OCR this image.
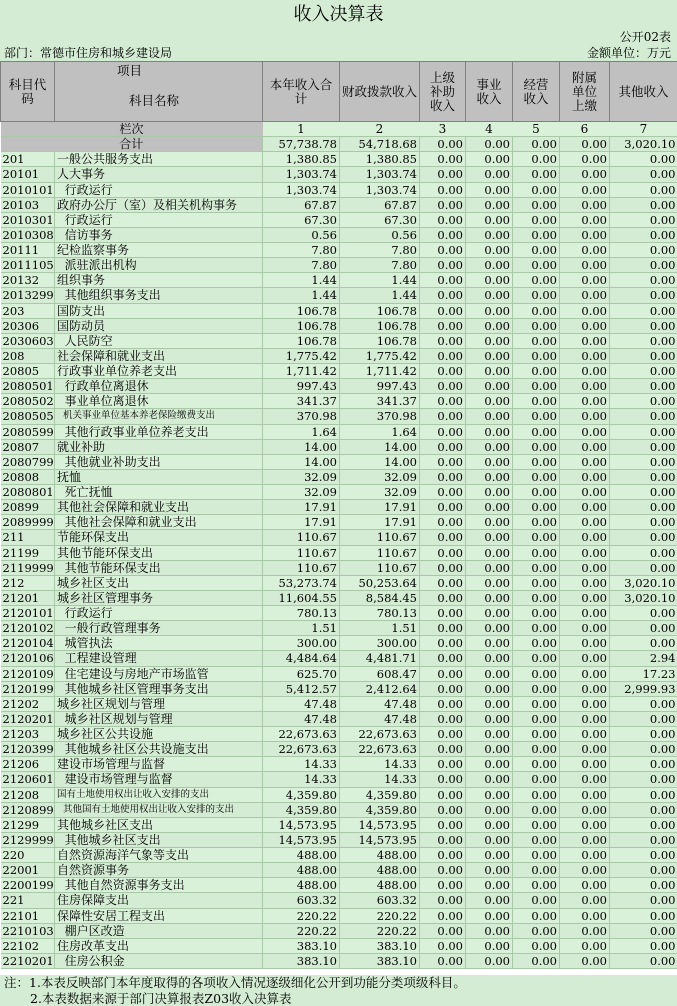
收入决算表
公开02表
部门：常德市住房和城乡建设局	金额单位：万元
科目代码	项目
科目名称	本年收入合计	财政拨款收入	上级补助收入	事业收入	经营收入	附属单位上缴	其他收入
栏次		1	2	3	4	5	6	7
合计		57,738.78	54,718.68	0.00	0.00	0.00	0.00	3,020.10
201	一般公共服务支出	1,380.85	1,380.85	0.00	0.00	0.00	0.00	0.00
20101	人大事务	1,303.74	1,303.74	0.00	0.00	0.00	0.00	0.00
2010101	行政运行	1,303.74	1,303.74	0.00	0.00	0.00	0.00	0.00
20103	政府办公厅（室）及相关机构事务	67.87	67.87	0.00	0.00	0.00	0.00	0.00
2010301	行政运行	67.30	67.30	0.00	0.00	0.00	0.00	0.00
2010308	信访事务	0.56	0.56	0.00	0.00	0.00	0.00	0.00
20111	纪检监察事务	7.80	7.80	0.00	0.00	0.00	0.00	0.00
2011105	派驻派出机构	7.80	7.80	0.00	0.00	0.00	0.00	0.00
20132	组织事务	1.44	1.44	0.00	0.00	0.00	0.00	0.00
2013299	其他组织事务支出	1.44	1.44	0.00	0.00	0.00	0.00	0.00
203	国防支出	106.78	106.78	0.00	0.00	0.00	0.00	0.00
20306	国防动员	106.78	106.78	0.00	0.00	0.00	0.00	0.00
2030603	人民防空	106.78	106.78	0.00	0.00	0.00	0.00	0.00
208	社会保障和就业支出	1,775.42	1,775.42	0.00	0.00	0.00	0.00	0.00
20805	行政事业单位养老支出	1,711.42	1,711.42	0.00	0.00	0.00	0.00	0.00
2080501	行政单位离退休	997.43	997.43	0.00	0.00	0.00	0.00	0.00
2080502	事业单位离退休	341.37	341.37	0.00	0.00	0.00	0.00	0.00
2080505	机关事业单位基本养老保险缴费支出	370.98	370.98	0.00	0.00	0.00	0.00	0.00
2080599	其他行政事业单位养老支出	1.64	1.64	0.00	0.00	0.00	0.00	0.00
20807	就业补助	14.00	14.00	0.00	0.00	0.00	0.00	0.00
2080799	其他就业补助支出	14.00	14.00	0.00	0.00	0.00	0.00	0.00
20808	抚恤	32.09	32.09	0.00	0.00	0.00	0.00	0.00
2080801	死亡抚恤	32.09	32.09	0.00	0.00	0.00	0.00	0.00
20899	其他社会保障和就业支出	17.91	17.91	0.00	0.00	0.00	0.00	0.00
2089999	其他社会保障和就业支出	17.91	17.91	0.00	0.00	0.00	0.00	0.00
211	节能环保支出	110.67	110.67	0.00	0.00	0.00	0.00	0.00
21199	其他节能环保支出	110.67	110.67	0.00	0.00	0.00	0.00	0.00
2119999	其他节能环保支出	110.67	110.67	0.00	0.00	0.00	0.00	0.00
212	城乡社区支出	53,273.74	50,253.64	0.00	0.00	0.00	0.00	3,020.10
21201	城乡社区管理事务	11,604.55	8,584.45	0.00	0.00	0.00	0.00	3,020.10
2120101	行政运行	780.13	780.13	0.00	0.00	0.00	0.00	0.00
2120102	一般行政管理事务	1.51	1.51	0.00	0.00	0.00	0.00	0.00
2120104	城管执法	300.00	300.00	0.00	0.00	0.00	0.00	0.00
2120106	工程建设管理	4,484.64	4,481.71	0.00	0.00	0.00	0.00	2.94
2120109	住宅建设与房地产市场监管	625.70	608.47	0.00	0.00	0.00	0.00	17.23
2120199	其他城乡社区管理事务支出	5,412.57	2,412.64	0.00	0.00	0.00	0.00	2,999.93
21202	城乡社区规划与管理	47.48	47.48	0.00	0.00	0.00	0.00	0.00
2120201	城乡社区规划与管理	47.48	47.48	0.00	0.00	0.00	0.00	0.00
21203	城乡社区公共设施	22,673.63	22,673.63	0.00	0.00	0.00	0.00	0.00
2120399	其他城乡社区公共设施支出	22,673.63	22,673.63	0.00	0.00	0.00	0.00	0.00
21206	建设市场管理与监督	14.33	14.33	0.00	0.00	0.00	0.00	0.00
2120601	建设市场管理与监督	14.33	14.33	0.00	0.00	0.00	0.00	0.00
21208	国有土地使用权出让收入安排的支出	4,359.80	4,359.80	0.00	0.00	0.00	0.00	0.00
2120899	其他国有土地使用权出让收入安排的支出	4,359.80	4,359.80	0.00	0.00	0.00	0.00	0.00
21299	其他城乡社区支出	14,573.95	14,573.95	0.00	0.00	0.00	0.00	0.00
2129999	其他城乡社区支出	14,573.95	14,573.95	0.00	0.00	0.00	0.00	0.00
220	自然资源海洋气象等支出	488.00	488.00	0.00	0.00	0.00	0.00	0.00
22001	自然资源事务	488.00	488.00	0.00	0.00	0.00	0.00	0.00
2200199	其他自然资源事务支出	488.00	488.00	0.00	0.00	0.00	0.00	0.00
221	住房保障支出	603.32	603.32	0.00	0.00	0.00	0.00	0.00
22101	保障性安居工程支出	220.22	220.22	0.00	0.00	0.00	0.00	0.00
2210103	棚户区改造	220.22	220.22	0.00	0.00	0.00	0.00	0.00
22102	住房改革支出	383.10	383.10	0.00	0.00	0.00	0.00	0.00
2210201	住房公积金	383.10	383.10	0.00	0.00	0.00	0.00	0.00
注：1.本表反映部门本年度取得的各项收入情况逐级细化公开到功能分类项级科目。
2.本表数据来源于部门决算报表Z03收入决算表
